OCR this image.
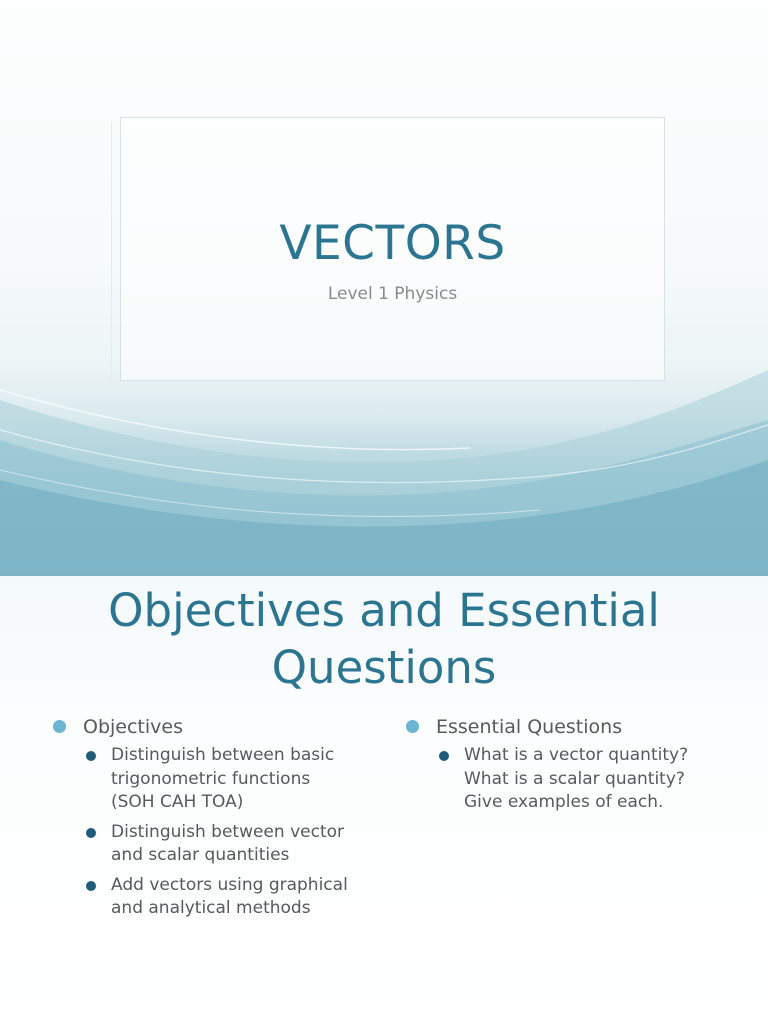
VECTORS
Level 1 Physics
Objectives and Essential Questions
Objectives
Distinguish between basic trigonometric functions (SOH CAH TOA)
Distinguish between vector and scalar quantities
Add vectors using graphical and analytical methods
Essential Questions
What is a vector quantity? What is a scalar quantity? Give examples of each.
